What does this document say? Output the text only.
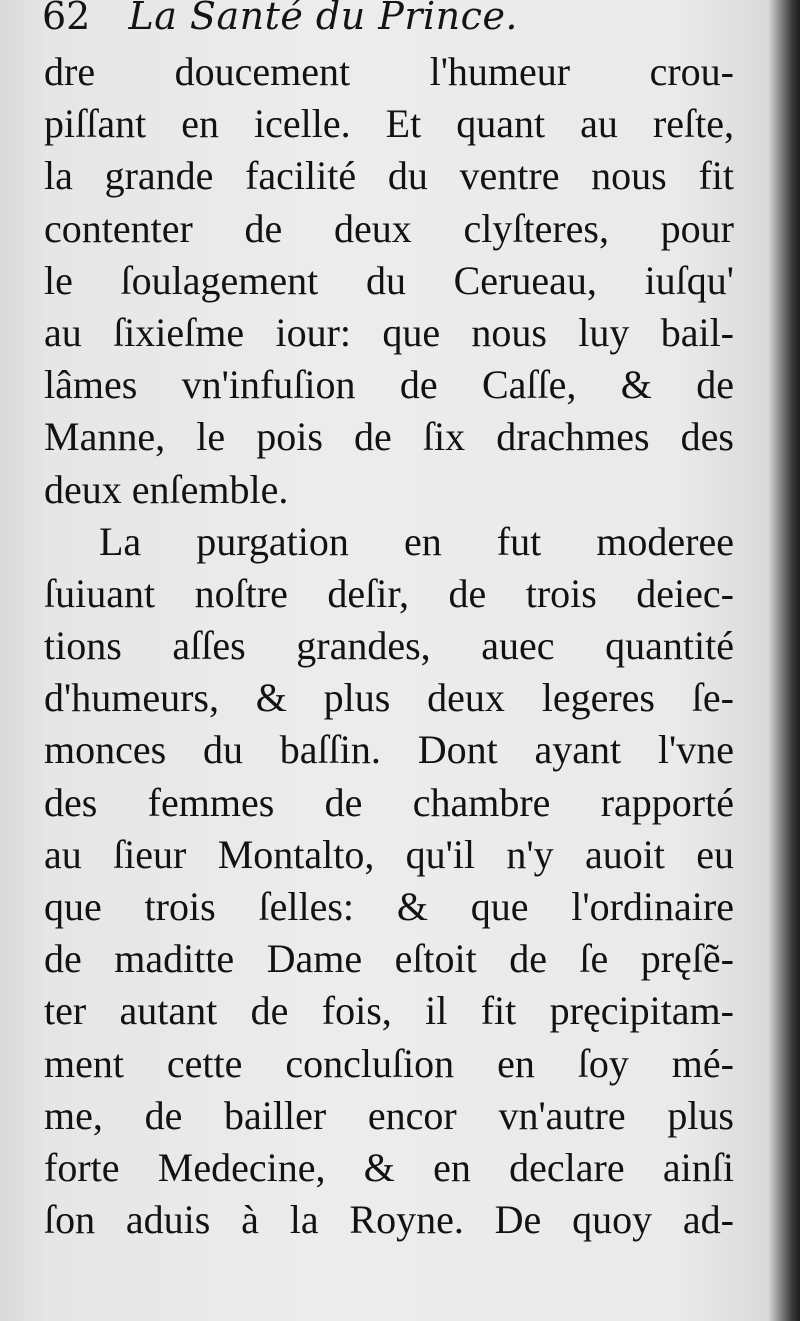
62 La Santé du Prince.
dre doucement l'humeur crou-
piſſant en icelle. Et quant au reſte,
la grande facilité du ventre nous fit
contenter de deux clyſteres, pour
le ſoulagement du Cerueau, iuſqu'
au ſixieſme iour: que nous luy bail-
lâmes vn'infuſion de Caſſe, & de
Manne, le pois de ſix drachmes des
deux enſemble.
La purgation en fut moderee
ſuiuant noſtre deſir, de trois deiec-
tions aſſes grandes, auec quantité
d'humeurs, & plus deux legeres ſe-
monces du baſſin. Dont ayant l'vne
des femmes de chambre rapporté
au ſieur Montalto, qu'il n'y auoit eu
que trois ſelles: & que l'ordinaire
de maditte Dame eſtoit de ſe pręſẽ-
ter autant de fois, il fit pręcipitam-
ment cette concluſion en ſoy mé-
me, de bailler encor vn'autre plus
forte Medecine, & en declare ainſi
ſon aduis à la Royne. De quoy ad-
